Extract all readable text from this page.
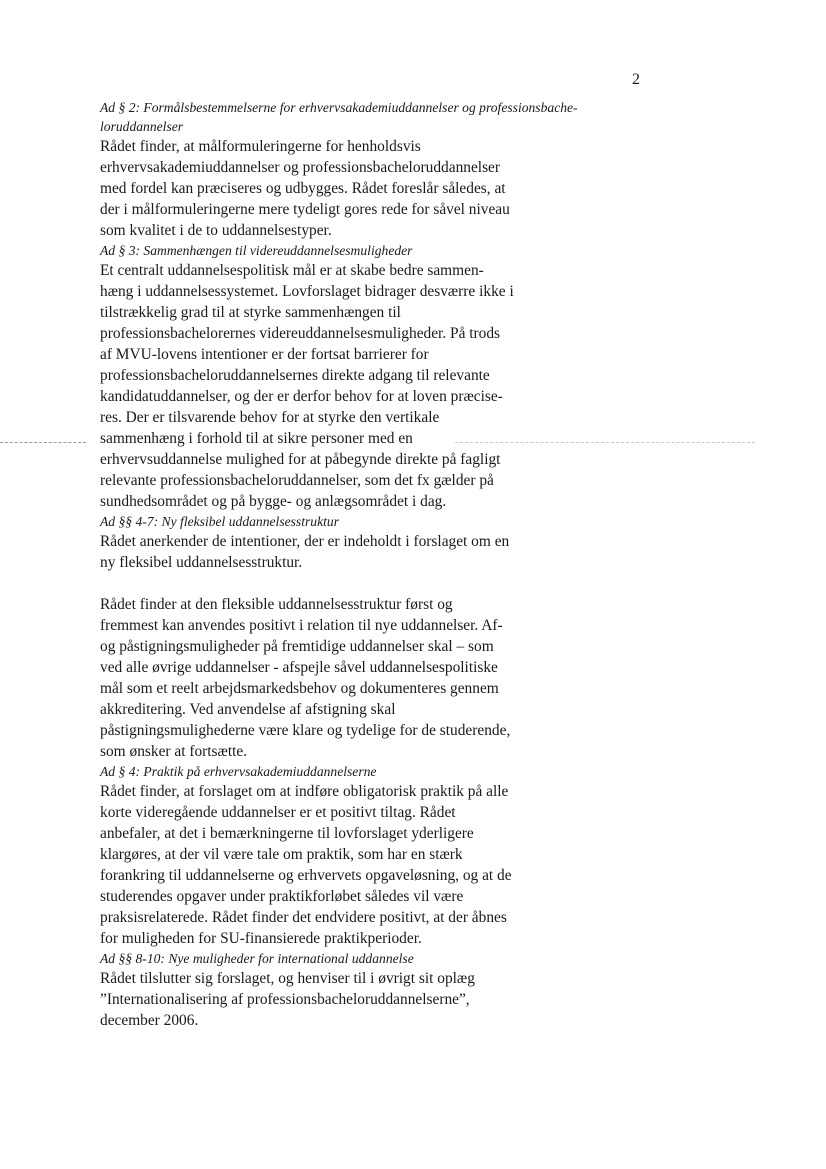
2
Ad § 2: Formålsbestemmelserne for erhvervsakademiuddannelser og professionsbache-
loruddannelser
Rådet finder, at målformuleringerne for henholdsvis
erhvervsakademiuddannelser og professionsbacheloruddannelser
med fordel kan præciseres og udbygges. Rådet foreslår således, at
der i målformuleringerne mere tydeligt gores rede for såvel niveau
som kvalitet i de to uddannelsestyper.
Ad § 3: Sammenhængen til videreuddannelsesmuligheder
Et centralt uddannelsespolitisk mål er at skabe bedre sammen-
hæng i uddannelsessystemet. Lovforslaget bidrager desværre ikke i
tilstrækkelig grad til at styrke sammenhængen til
professionsbachelorernes videreuddannelsesmuligheder. På trods
af MVU-lovens intentioner er der fortsat barrierer for
professionsbacheloruddannelsernes direkte adgang til relevante
kandidatuddannelser, og der er derfor behov for at loven præcise-
res. Der er tilsvarende behov for at styrke den vertikale
sammenhæng i forhold til at sikre personer med en
erhvervsuddannelse mulighed for at påbegynde direkte på fagligt
relevante professionsbacheloruddannelser, som det fx gælder på
sundhedsområdet og på bygge- og anlægsområdet i dag.
Ad §§ 4-7: Ny fleksibel uddannelsesstruktur
Rådet anerkender de intentioner, der er indeholdt i forslaget om en
ny fleksibel uddannelsesstruktur.
Rådet finder at den fleksible uddannelsesstruktur først og
fremmest kan anvendes positivt i relation til nye uddannelser. Af-
og påstigningsmuligheder på fremtidige uddannelser skal – som
ved alle øvrige uddannelser - afspejle såvel uddannelsespolitiske
mål som et reelt arbejdsmarkedsbehov og dokumenteres gennem
akkreditering. Ved anvendelse af afstigning skal
påstigningsmulighederne være klare og tydelige for de studerende,
som ønsker at fortsætte.
Ad § 4: Praktik på erhvervsakademiuddannelserne
Rådet finder, at forslaget om at indføre obligatorisk praktik på alle
korte videregående uddannelser er et positivt tiltag. Rådet
anbefaler, at det i bemærkningerne til lovforslaget yderligere
klargøres, at der vil være tale om praktik, som har en stærk
forankring til uddannelserne og erhvervets opgaveløsning, og at de
studerendes opgaver under praktikforløbet således vil være
praksisrelaterede. Rådet finder det endvidere positivt, at der åbnes
for muligheden for SU-finansierede praktikperioder.
Ad §§ 8-10: Nye muligheder for international uddannelse
Rådet tilslutter sig forslaget, og henviser til i øvrigt sit oplæg
”Internationalisering af professionsbacheloruddannelserne”,
december 2006.
